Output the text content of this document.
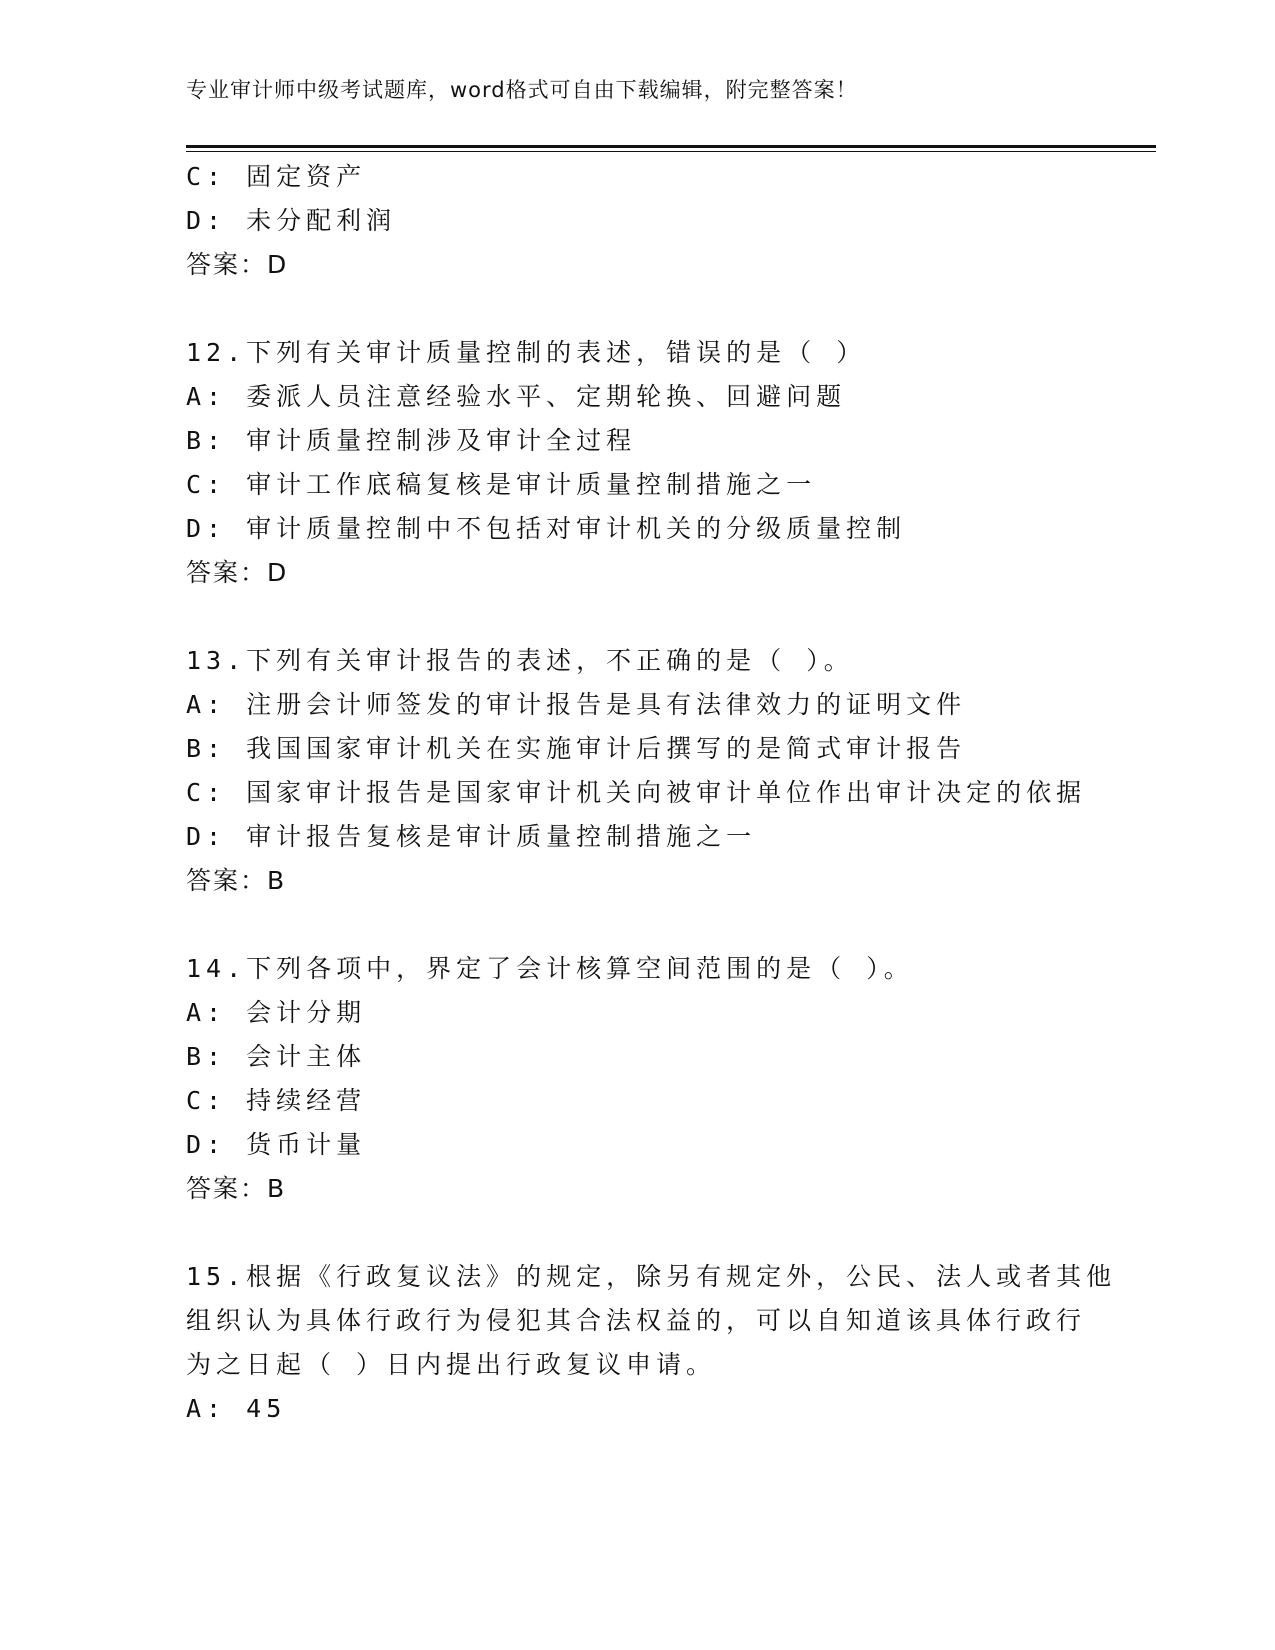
专业审计师中级考试题库，word格式可自由下载编辑，附完整答案！
C: 固定资产
D: 未分配利润
答案：D
12.下列有关审计质量控制的表述，错误的是（ ）
A: 委派人员注意经验水平、定期轮换、回避问题
B: 审计质量控制涉及审计全过程
C: 审计工作底稿复核是审计质量控制措施之一
D: 审计质量控制中不包括对审计机关的分级质量控制
答案：D
13.下列有关审计报告的表述，不正确的是（ ）。
A: 注册会计师签发的审计报告是具有法律效力的证明文件
B: 我国国家审计机关在实施审计后撰写的是简式审计报告
C: 国家审计报告是国家审计机关向被审计单位作出审计决定的依据
D: 审计报告复核是审计质量控制措施之一
答案：B
14.下列各项中，界定了会计核算空间范围的是（ ）。
A: 会计分期
B: 会计主体
C: 持续经营
D: 货币计量
答案：B
15.根据《行政复议法》的规定，除另有规定外，公民、法人或者其他
组织认为具体行政行为侵犯其合法权益的，可以自知道该具体行政行
为之日起（ ）日内提出行政复议申请。
A: 45
